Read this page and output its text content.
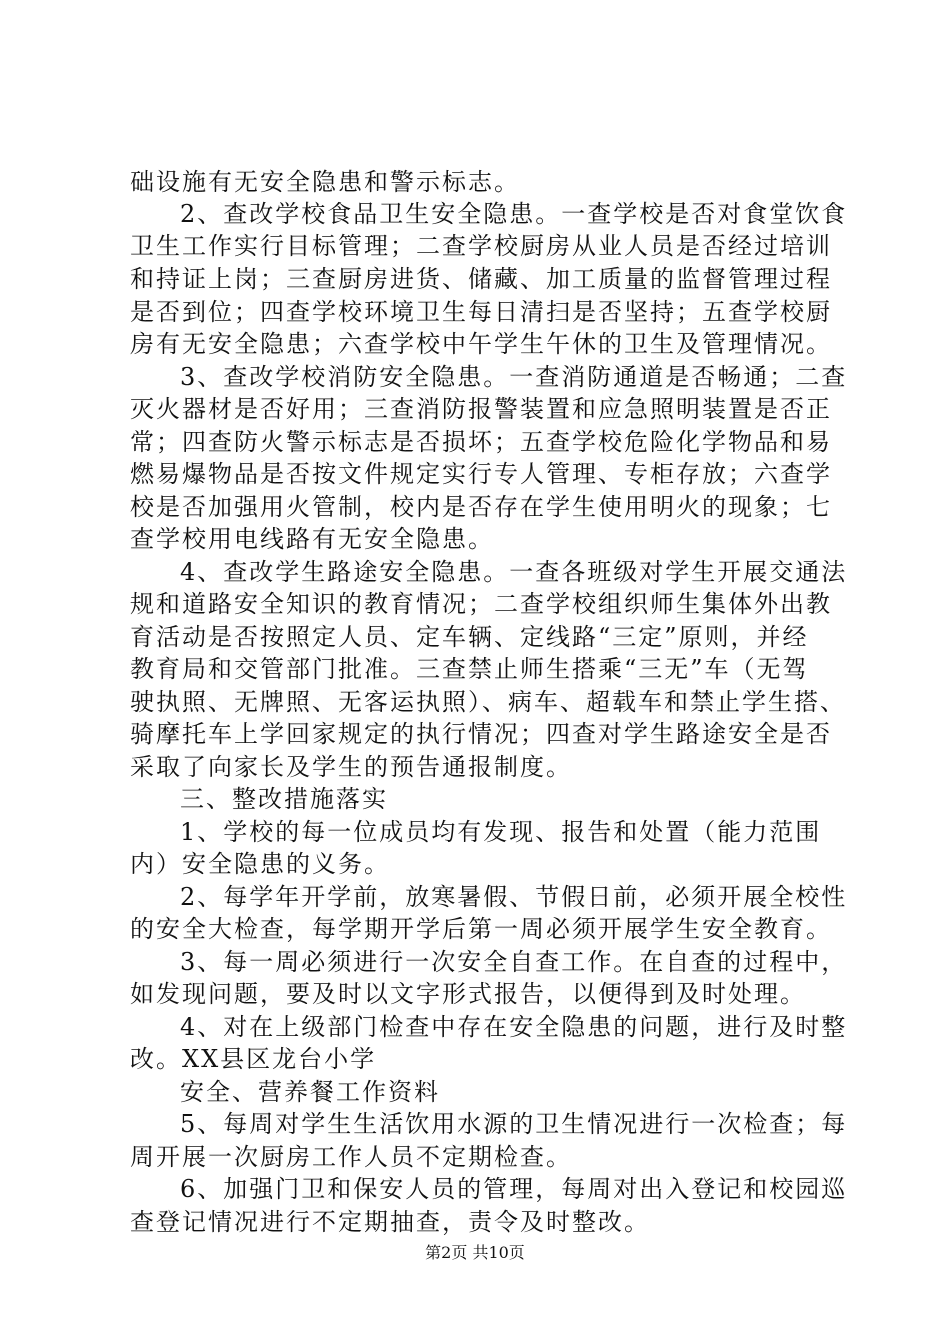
础设施有无安全隐患和警示标志。
2、查改学校食品卫生安全隐患。一查学校是否对食堂饮食
卫生工作实行目标管理；二查学校厨房从业人员是否经过培训
和持证上岗；三查厨房进货、储藏、加工质量的监督管理过程
是否到位；四查学校环境卫生每日清扫是否坚持；五查学校厨
房有无安全隐患；六查学校中午学生午休的卫生及管理情况。
3、查改学校消防安全隐患。一查消防通道是否畅通；二查
灭火器材是否好用；三查消防报警装置和应急照明装置是否正
常；四查防火警示标志是否损坏；五查学校危险化学物品和易
燃易爆物品是否按文件规定实行专人管理、专柜存放；六查学
校是否加强用火管制，校内是否存在学生使用明火的现象；七
查学校用电线路有无安全隐患。
4、查改学生路途安全隐患。一查各班级对学生开展交通法
规和道路安全知识的教育情况；二查学校组织师生集体外出教
育活动是否按照定人员、定车辆、定线路“三定”原则，并经
教育局和交管部门批准。三查禁止师生搭乘“三无”车（无驾
驶执照、无牌照、无客运执照）、病车、超载车和禁止学生搭、
骑摩托车上学回家规定的执行情况；四查对学生路途安全是否
采取了向家长及学生的预告通报制度。
三、整改措施落实
1、学校的每一位成员均有发现、报告和处置（能力范围
内）安全隐患的义务。
2、每学年开学前，放寒暑假、节假日前，必须开展全校性
的安全大检查，每学期开学后第一周必须开展学生安全教育。
3、每一周必须进行一次安全自查工作。在自查的过程中，
如发现问题，要及时以文字形式报告，以便得到及时处理。
4、对在上级部门检查中存在安全隐患的问题，进行及时整
改。XX县区龙台小学
安全、营养餐工作资料
5、每周对学生生活饮用水源的卫生情况进行一次检查；每
周开展一次厨房工作人员不定期检查。
6、加强门卫和保安人员的管理，每周对出入登记和校园巡
查登记情况进行不定期抽查，责令及时整改。
第2页 共10页
